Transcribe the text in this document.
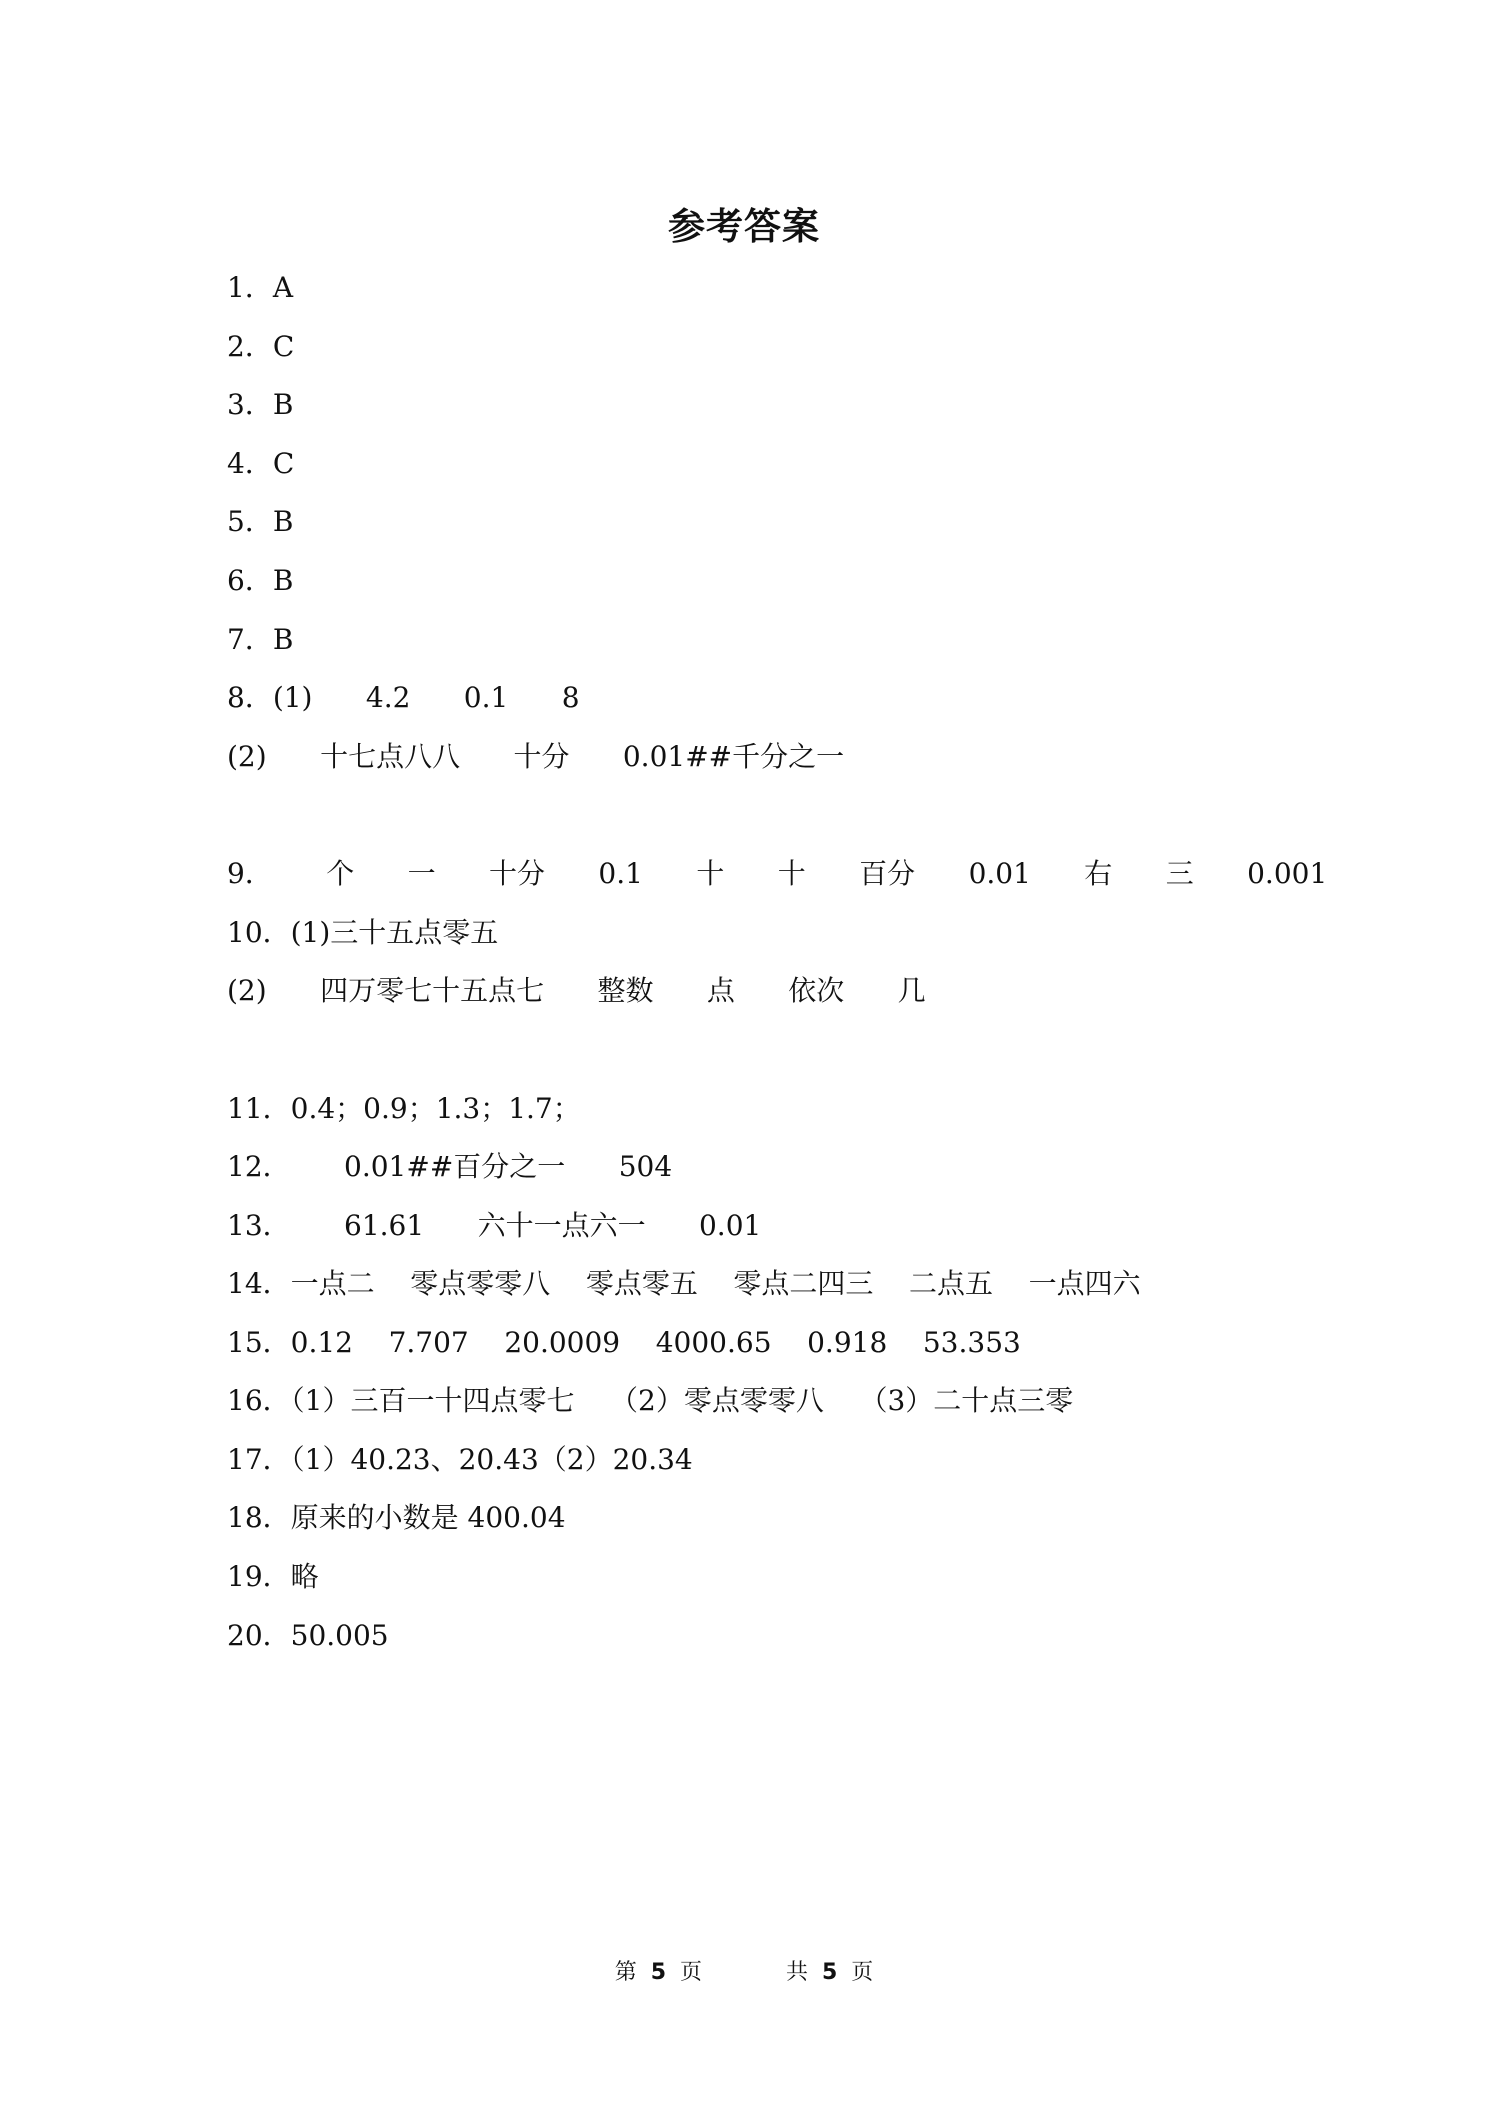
参考答案
1．A
2．C
3．B
4．C
5．B
6．B
7．B
8．(1)      4.2      0.1      8
(2)      十七点八八      十分      0.01##千分之一
9．      个      一      十分      0.1      十      十      百分      0.01      右      三      0.001
10．(1)三十五点零五
(2)      四万零七十五点七      整数      点      依次      几
11．0.4；0.9；1.3；1.7；
12．      0.01##百分之一      504
13．      61.61      六十一点六一      0.01
14．一点二    零点零零八    零点零五    零点二四三    二点五    一点四六
15．0.12    7.707    20.0009    4000.65    0.918    53.353
16．（1）三百一十四点零七    （2）零点零零八    （3）二十点三零
17．（1）40.23、20.43（2）20.34
18．原来的小数是 400.04
19．略
20．50.005
第 5 页	共 5 页
